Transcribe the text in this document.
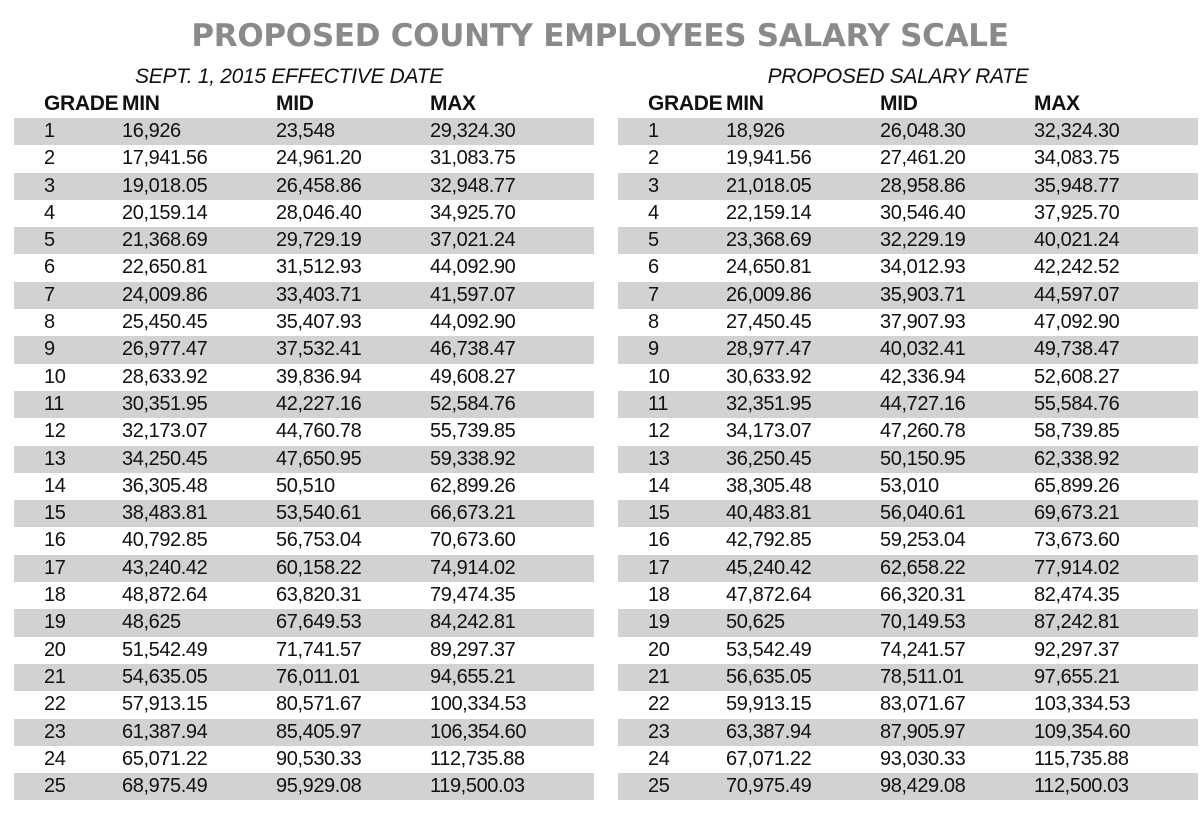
PROPOSED COUNTY EMPLOYEES SALARY SCALE
SEPT. 1, 2015 EFFECTIVE DATE
GRADE MIN	MID	MAX
1	16,926	23,548	29,324.30
2	17,941.56	24,961.20	31,083.75
3	19,018.05	26,458.86	32,948.77
4	20,159.14	28,046.40	34,925.70
5	21,368.69	29,729.19	37,021.24
6	22,650.81	31,512.93	44,092.90
7	24,009.86	33,403.71	41,597.07
8	25,450.45	35,407.93	44,092.90
9	26,977.47	37,532.41	46,738.47
10	28,633.92	39,836.94	49,608.27
11	30,351.95	42,227.16	52,584.76
12	32,173.07	44,760.78	55,739.85
13	34,250.45	47,650.95	59,338.92
14	36,305.48	50,510	62,899.26
15	38,483.81	53,540.61	66,673.21
16	40,792.85	56,753.04	70,673.60
17	43,240.42	60,158.22	74,914.02
18	48,872.64	63,820.31	79,474.35
19	48,625	67,649.53	84,242.81
20	51,542.49	71,741.57	89,297.37
21	54,635.05	76,011.01	94,655.21
22	57,913.15	80,571.67	100,334.53
23	61,387.94	85,405.97	106,354.60
24	65,071.22	90,530.33	112,735.88
25	68,975.49	95,929.08	119,500.03
PROPOSED SALARY RATE
GRADE MIN	MID	MAX
1	18,926	26,048.30	32,324.30
2	19,941.56	27,461.20	34,083.75
3	21,018.05	28,958.86	35,948.77
4	22,159.14	30,546.40	37,925.70
5	23,368.69	32,229.19	40,021.24
6	24,650.81	34,012.93	42,242.52
7	26,009.86	35,903.71	44,597.07
8	27,450.45	37,907.93	47,092.90
9	28,977.47	40,032.41	49,738.47
10	30,633.92	42,336.94	52,608.27
11	32,351.95	44,727.16	55,584.76
12	34,173.07	47,260.78	58,739.85
13	36,250.45	50,150.95	62,338.92
14	38,305.48	53,010	65,899.26
15	40,483.81	56,040.61	69,673.21
16	42,792.85	59,253.04	73,673.60
17	45,240.42	62,658.22	77,914.02
18	47,872.64	66,320.31	82,474.35
19	50,625	70,149.53	87,242.81
20	53,542.49	74,241.57	92,297.37
21	56,635.05	78,511.01	97,655.21
22	59,913.15	83,071.67	103,334.53
23	63,387.94	87,905.97	109,354.60
24	67,071.22	93,030.33	115,735.88
25	70,975.49	98,429.08	112,500.03
